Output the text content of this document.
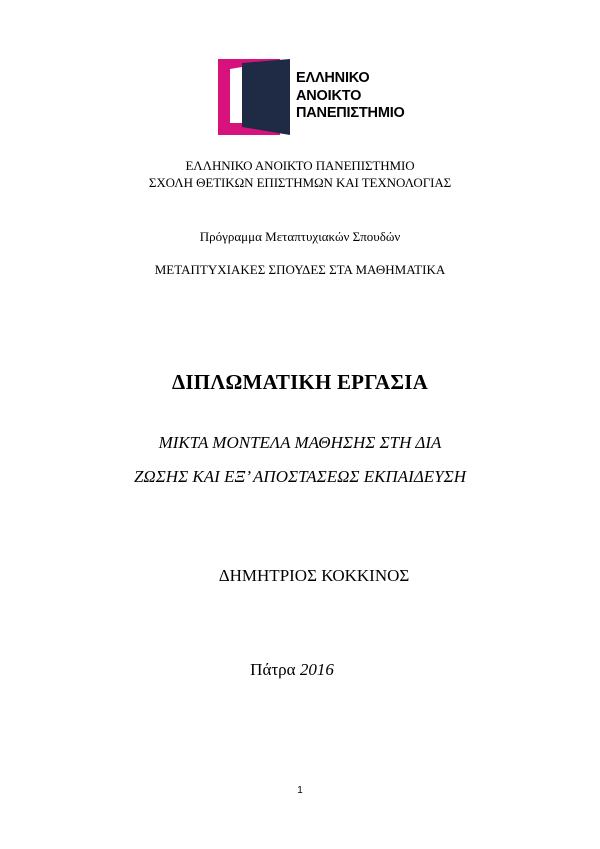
ΕΛΛΗΝΙΚΟ
ΑΝΟΙΚΤΟ
ΠΑΝΕΠΙΣΤΗΜΙΟ
ΕΛΛΗΝΙΚΟ ΑΝΟΙΚΤΟ ΠΑΝΕΠΙΣΤΗΜΙΟ
ΣΧΟΛΗ ΘΕΤΙΚΩΝ ΕΠΙΣΤΗΜΩΝ ΚΑΙ ΤΕΧΝΟΛΟΓΙΑΣ
Πρόγραμμα Μεταπτυχιακών Σπουδών
ΜΕΤΑΠΤΥΧΙΑΚΕΣ ΣΠΟΥΔΕΣ ΣΤΑ ΜΑΘΗΜΑΤΙΚΑ
ΔΙΠΛΩΜΑΤΙΚΗ ΕΡΓΑΣΙΑ
ΜΙΚΤΑ ΜΟΝΤΕΛΑ ΜΑΘΗΣΗΣ ΣΤΗ ΔΙΑ
ΖΩΣΗΣ ΚΑΙ ΕΞ’ ΑΠΟΣΤΑΣΕΩΣ ΕΚΠΑΙΔΕΥΣΗ
ΔΗΜΗΤΡΙΟΣ ΚΟΚΚΙΝΟΣ
Πάτρα 2016
1
